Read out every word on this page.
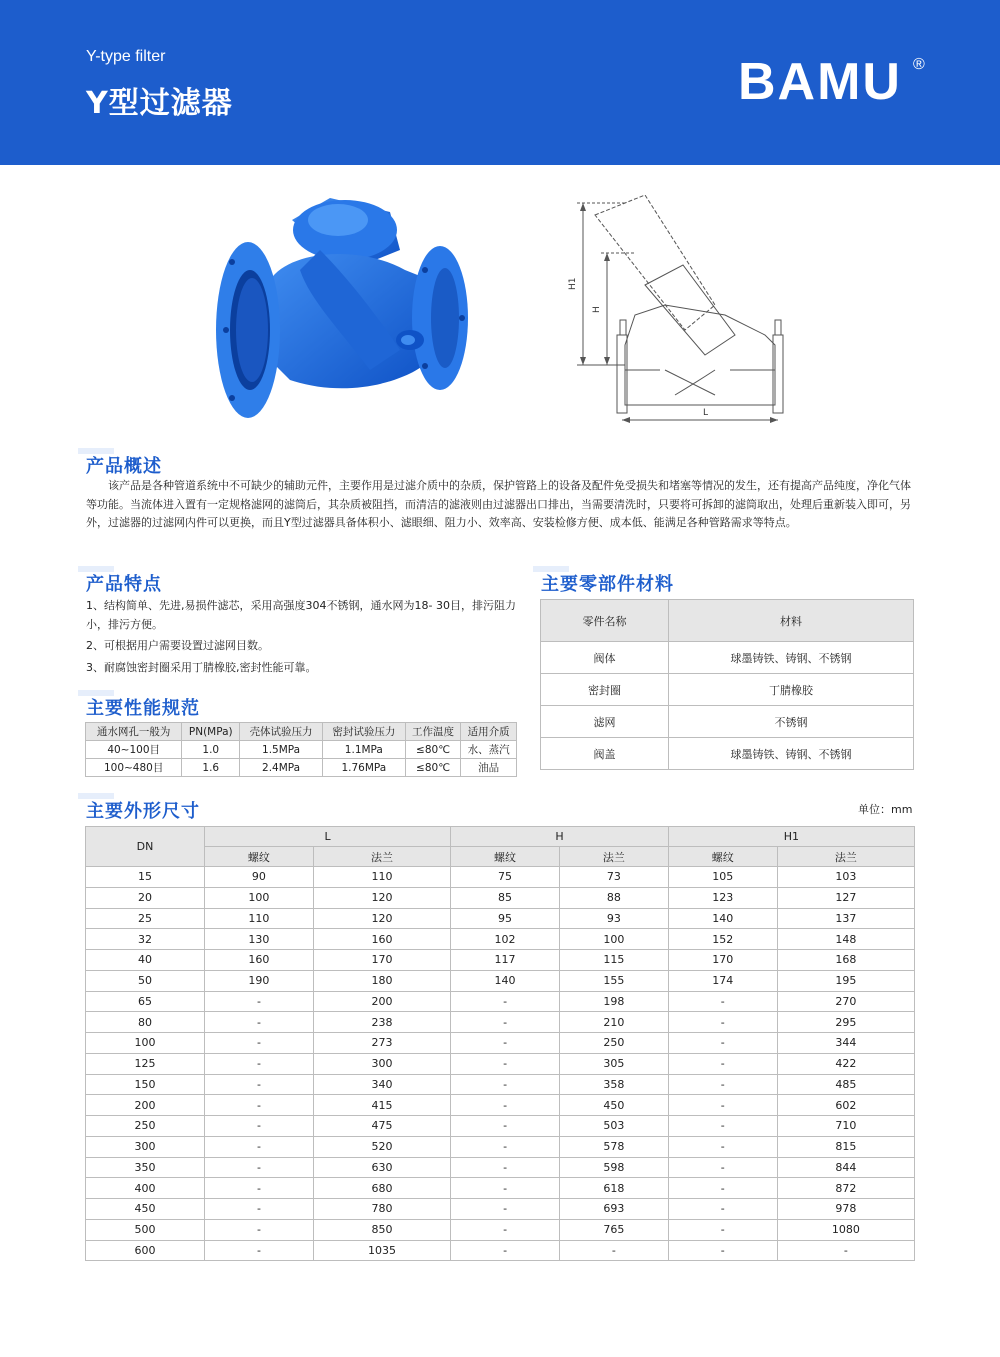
Y-type filter
Y型过滤器	BAMU ®
H1
H
L
产品概述
该产品是各种管道系统中不可缺少的辅助元件，主要作用是过滤介质中的杂质，保护管路上的设备及配件免受损失和堵塞等情况的发生，还有提高产品纯度，净化气体等功能。当流体进入置有一定规格滤网的滤筒后，其杂质被阻挡，而清洁的滤液则由过滤器出口排出，当需要清洗时，只要将可拆卸的滤筒取出，处理后重新装入即可，另外，过滤器的过滤网内件可以更换，而且Y型过滤器具备体积小、滤眼细、阻力小、效率高、安装检修方便、成本低、能满足各种管路需求等特点。
产品特点
1、结构简单、先进,易损件滤芯，采用高强度304不锈钢，通水网为18- 30目，排污阻力小，排污方便。
2、可根据用户需要设置过滤网目数。
3、耐腐蚀密封圈采用丁腈橡胶,密封性能可靠。
主要性能规范
通水网孔一般为	PN(MPa)	壳体试验压力	密封试验压力	工作温度	适用介质
40~100目	1.0	1.5MPa	1.1MPa	≤80℃	水、蒸汽
100~480目	1.6	2.4MPa	1.76MPa	≤80℃	油品
主要零部件材料
零件名称	材料
阀体	球墨铸铁、铸钢、不锈钢
密封圈	丁腈橡胶
滤网	不锈钢
阀盖	球墨铸铁、铸钢、不锈钢
主要外形尺寸	单位：mm
DN	L		H		H1	
	螺纹	法兰	螺纹	法兰	螺纹	法兰
15	90	110	75	73	105	103
20	100	120	85	88	123	127
25	110	120	95	93	140	137
32	130	160	102	100	152	148
40	160	170	117	115	170	168
50	190	180	140	155	174	195
65	-	200	-	198	-	270
80	-	238	-	210	-	295
100	-	273	-	250	-	344
125	-	300	-	305	-	422
150	-	340	-	358	-	485
200	-	415	-	450	-	602
250	-	475	-	503	-	710
300	-	520	-	578	-	815
350	-	630	-	598	-	844
400	-	680	-	618	-	872
450	-	780	-	693	-	978
500	-	850	-	765	-	1080
600	-	1035	-	-	-	-
